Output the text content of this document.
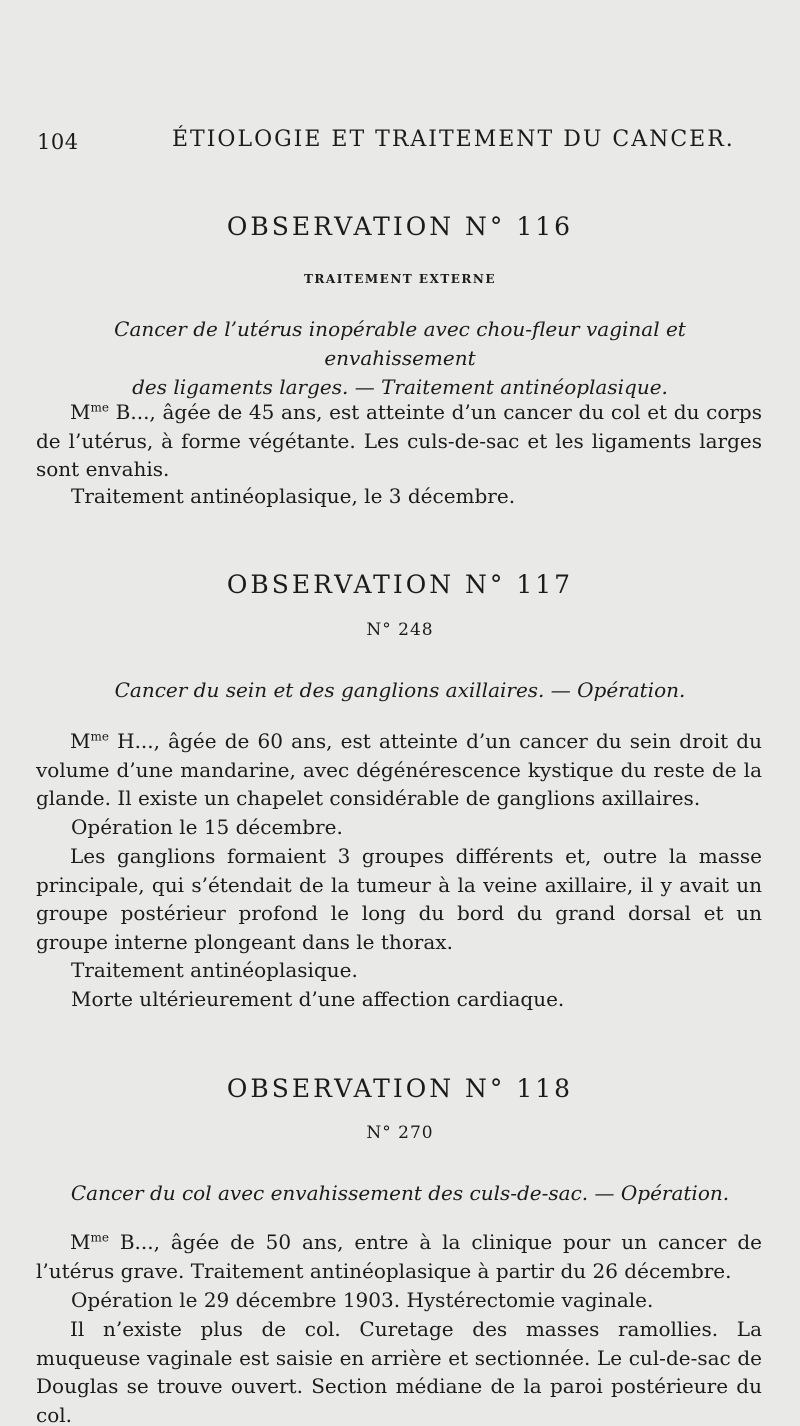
104	ÉTIOLOGIE ET TRAITEMENT DU CANCER.
OBSERVATION N° 116
TRAITEMENT EXTERNE
Cancer de l’utérus inopérable avec chou-fleur vaginal et envahissement
des ligaments larges. — Traitement antinéoplasique.

$M^{me}$ B..., âgée de 45 ans, est atteinte d’un cancer du col et du corps de l’utérus, à forme végétante. Les culs-de-sac et les ligaments larges sont envahis.

Traitement antinéoplasique, le 3 décembre.

OBSERVATION N° 117
N° 248
Cancer du sein et des ganglions axillaires. — Opération.

$M^{me}$ H..., âgée de 60 ans, est atteinte d’un cancer du sein droit du volume d’une mandarine, avec dégénérescence kystique du reste de la glande. Il existe un chapelet considérable de ganglions axillaires.

Opération le 15 décembre.

Les ganglions formaient 3 groupes différents et, outre la masse principale, qui s’étendait de la tumeur à la veine axillaire, il y avait un groupe postérieur profond le long du bord du grand dorsal et un groupe interne plongeant dans le thorax.

Traitement antinéoplasique.

Morte ultérieurement d’une affection cardiaque.

OBSERVATION N° 118
N° 270
Cancer du col avec envahissement des culs-de-sac. — Opération.

$M^{me}$ B..., âgée de 50 ans, entre à la clinique pour un cancer de l’utérus grave. Traitement antinéoplasique à partir du 26 décembre.

Opération le 29 décembre 1903. Hystérectomie vaginale.

Il n’existe plus de col. Curetage des masses ramollies. La muqueuse vaginale est saisie en arrière et sectionnée. Le cul-de-sac de Douglas se trouve ouvert. Section médiane de la paroi postérieure du col.
